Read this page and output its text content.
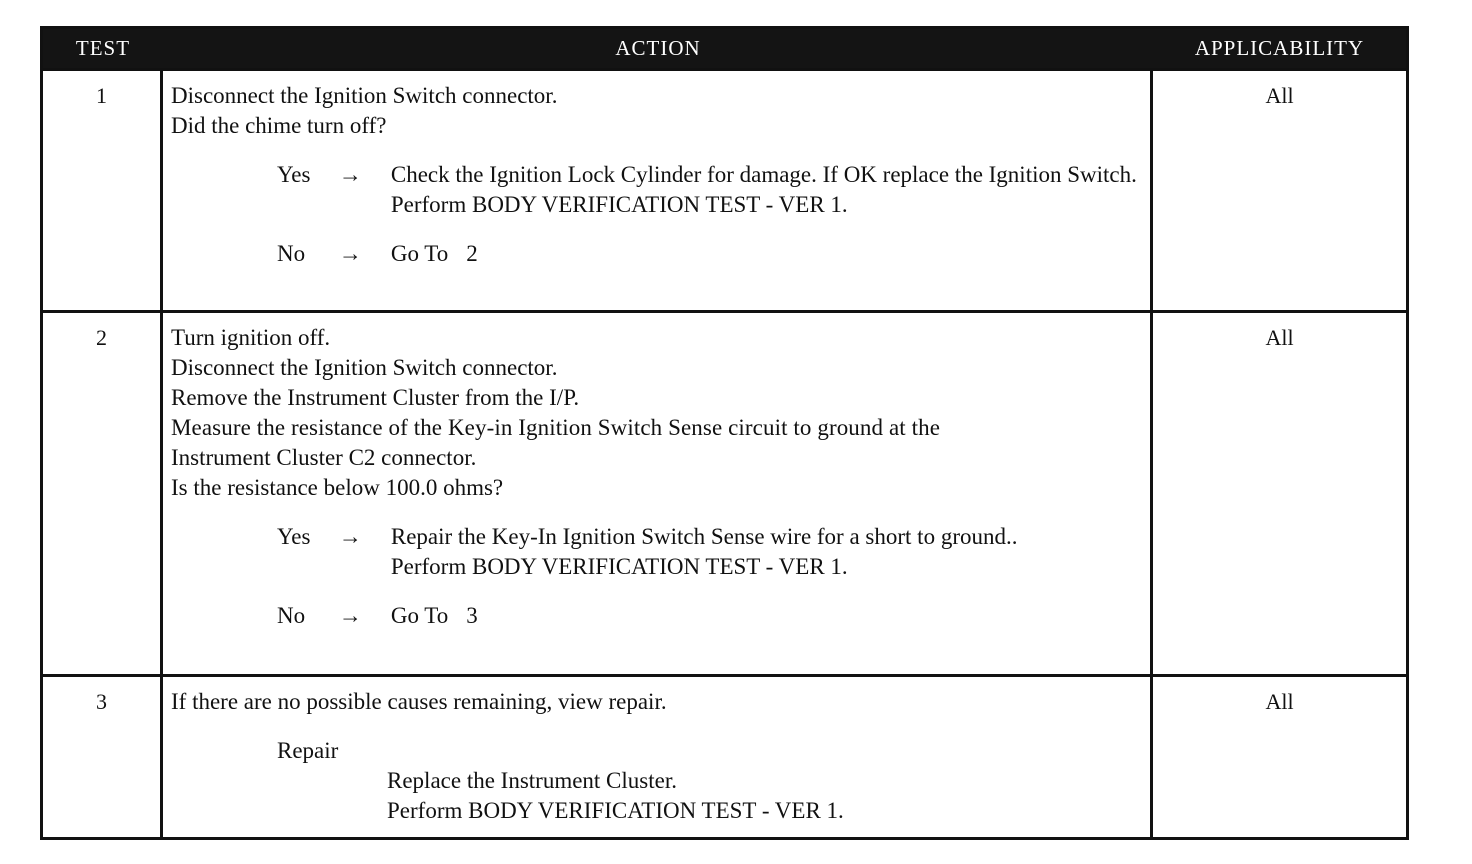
TEST	ACTION	APPLICABILITY
1	Disconnect the Ignition Switch connector.
Did the chime turn off?
Yes	→	Check the Ignition Lock Cylinder for damage. If OK replace the Ignition Switch.
Perform BODY VERIFICATION TEST - VER 1.
No	→	Go To 2
All
2	Turn ignition off.
Disconnect the Ignition Switch connector.
Remove the Instrument Cluster from the I/P.
Measure the resistance of the Key-in Ignition Switch Sense circuit to ground at the
Instrument Cluster C2 connector.
Is the resistance below 100.0 ohms?
Yes	→	Repair the Key-In Ignition Switch Sense wire for a short to ground..
Perform BODY VERIFICATION TEST - VER 1.
No	→	Go To 3
All
3	If there are no possible causes remaining, view repair.
Repair
Replace the Instrument Cluster.
Perform BODY VERIFICATION TEST - VER 1.
All
